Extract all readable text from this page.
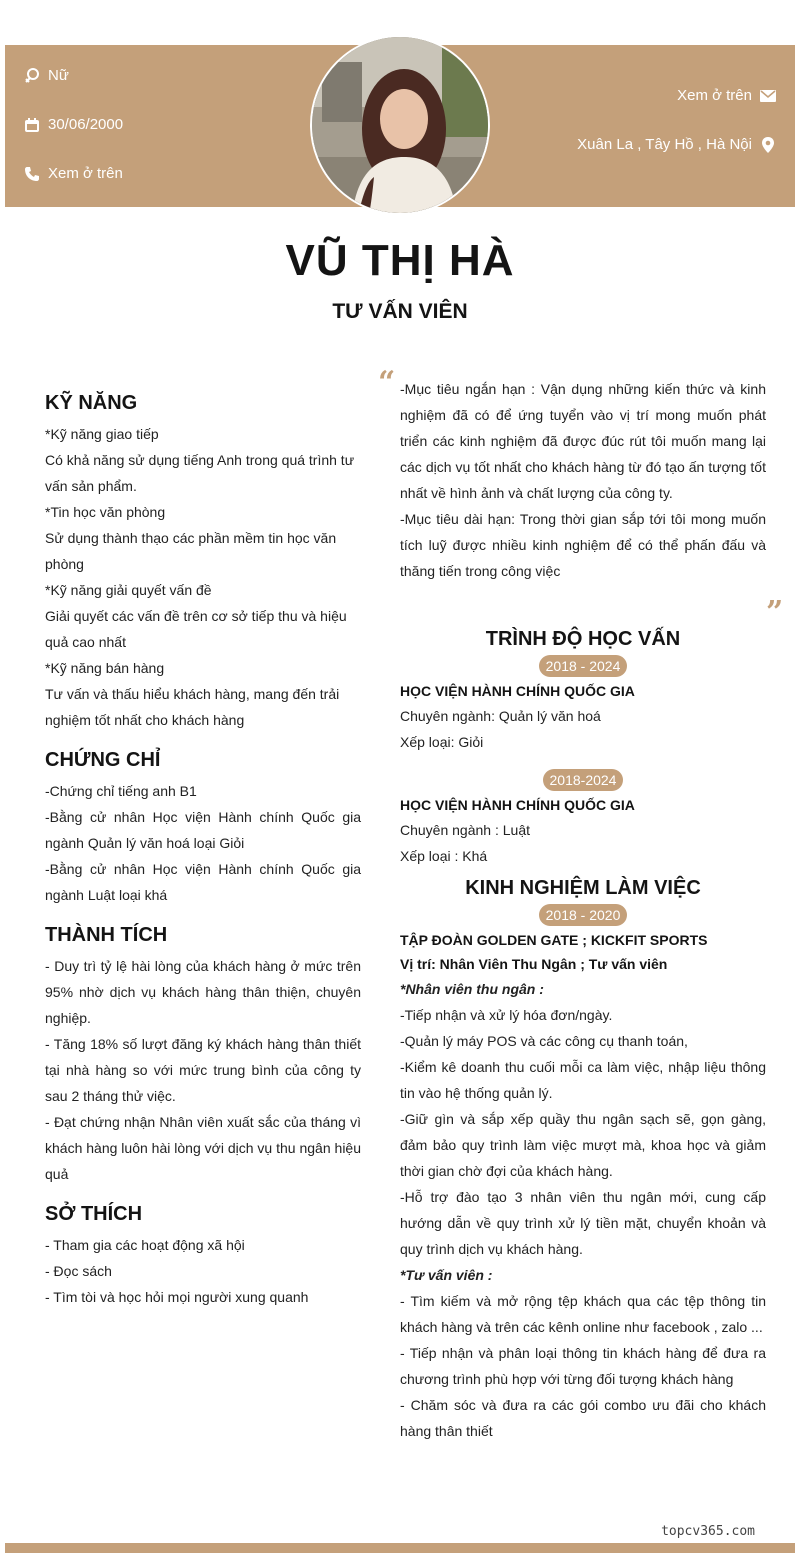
Nữ
30/06/2000
Xem ở trên
Xem ở trên
Xuân La , Tây Hồ , Hà Nội
VŨ THỊ HÀ
TƯ VẤN VIÊN
“
”
KỸ NĂNG
*Kỹ năng giao tiếp
Có khả năng sử dụng tiếng Anh trong quá trình tư vấn sản phẩm.
*Tin học văn phòng
Sử dụng thành thạo các phần mềm tin học văn phòng
*Kỹ năng giải quyết vấn đề
Giải quyết các vấn đề trên cơ sở tiếp thu và hiệu quả cao nhất
*Kỹ năng bán hàng
Tư vấn và thấu hiểu khách hàng, mang đến trải nghiệm tốt nhất cho khách hàng
CHỨNG CHỈ
-Chứng chỉ tiếng anh B1
-Bằng cử nhân Học viện Hành chính Quốc gia ngành Quản lý văn hoá loại Giỏi
-Bằng cử nhân Học viện Hành chính Quốc gia ngành Luật loại khá
THÀNH TÍCH
- Duy trì tỷ lệ hài lòng của khách hàng ở mức trên 95% nhờ dịch vụ khách hàng thân thiện, chuyên nghiệp.
- Tăng 18% số lượt đăng ký khách hàng thân thiết tại nhà hàng so với mức trung bình của công ty sau 2 tháng thử việc.
- Đạt chứng nhận Nhân viên xuất sắc của tháng vì khách hàng luôn hài lòng với dịch vụ thu ngân hiệu quả
SỞ THÍCH
- Tham gia các hoạt động xã hội
- Đọc sách
- Tìm tòi và học hỏi mọi người xung quanh
-Mục tiêu ngắn hạn : Vận dụng những kiến thức và kinh nghiệm đã có để ứng tuyển vào vị trí mong muốn phát triển các kinh nghiệm đã được đúc rút tôi muốn mang lại các dịch vụ tốt nhất cho khách hàng từ đó tạo ấn tượng tốt nhất về hình ảnh và chất lượng của công ty.
-Mục tiêu dài hạn: Trong thời gian sắp tới tôi mong muốn tích luỹ được nhiều kinh nghiệm để có thể phấn đấu và thăng tiến trong công việc
TRÌNH ĐỘ HỌC VẤN
2018 - 2024
HỌC VIỆN HÀNH CHÍNH QUỐC GIA
Chuyên ngành: Quản lý văn hoá
Xếp loại: Giỏi
2018-2024
HỌC VIỆN HÀNH CHÍNH QUỐC GIA
Chuyên ngành : Luật
Xếp loại : Khá
KINH NGHIỆM LÀM VIỆC
2018 - 2020
TẬP ĐOÀN GOLDEN GATE ; KICKFIT SPORTS
Vị trí: Nhân Viên Thu Ngân ; Tư vấn viên
*Nhân viên thu ngân :
-Tiếp nhận và xử lý hóa đơn/ngày.
-Quản lý máy POS và các công cụ thanh toán,
-Kiểm kê doanh thu cuối mỗi ca làm việc, nhập liệu thông tin vào hệ thống quản lý.
-Giữ gìn và sắp xếp quầy thu ngân sạch sẽ, gọn gàng, đảm bảo quy trình làm việc mượt mà, khoa học và giảm thời gian chờ đợi của khách hàng.
-Hỗ trợ đào tạo 3 nhân viên thu ngân mới, cung cấp hướng dẫn về quy trình xử lý tiền mặt, chuyển khoản và quy trình dịch vụ khách hàng.
*Tư vấn viên :
- Tìm kiếm và mở rộng tệp khách qua các tệp thông tin khách hàng và trên các kênh online như facebook , zalo ...
- Tiếp nhận và phân loại thông tin khách hàng để đưa ra chương trình phù hợp với từng đối tượng khách hàng
- Chăm sóc và đưa ra các gói combo ưu đãi cho khách hàng thân thiết
topcv365.com
